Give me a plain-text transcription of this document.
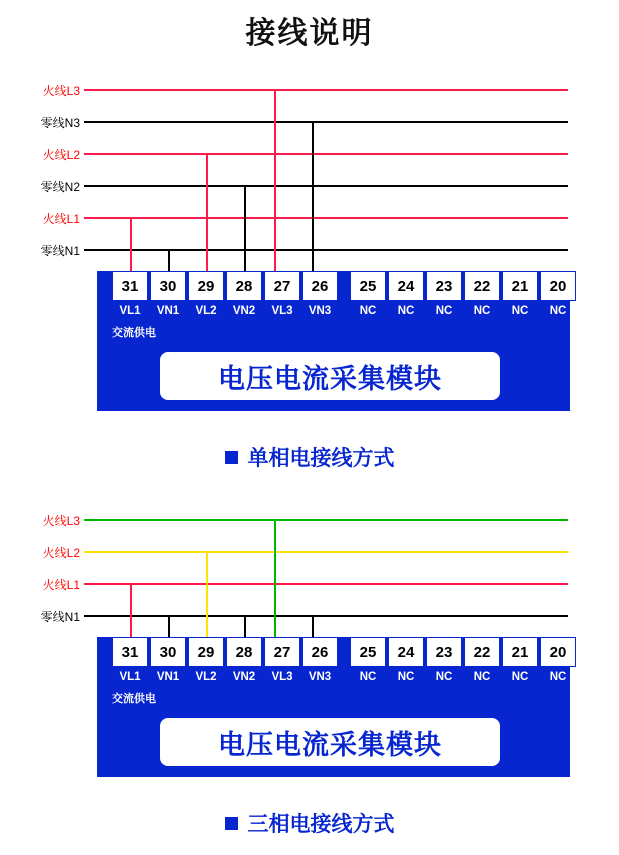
接线说明
火线L3
零线N3
火线L2
零线N2
火线L1
零线N1
31	30	29	28	27	26	25	24	23	22	21	20
VL1	VN1	VL2	VN2	VL3	VN3	NC	NC	NC	NC	NC	NC
交流供电
电压电流采集模块
单相电接线方式
火线L3
火线L2
火线L1
零线N1
31	30	29	28	27	26	25	24	23	22	21	20
VL1	VN1	VL2	VN2	VL3	VN3	NC	NC	NC	NC	NC	NC
交流供电
电压电流采集模块
三相电接线方式
